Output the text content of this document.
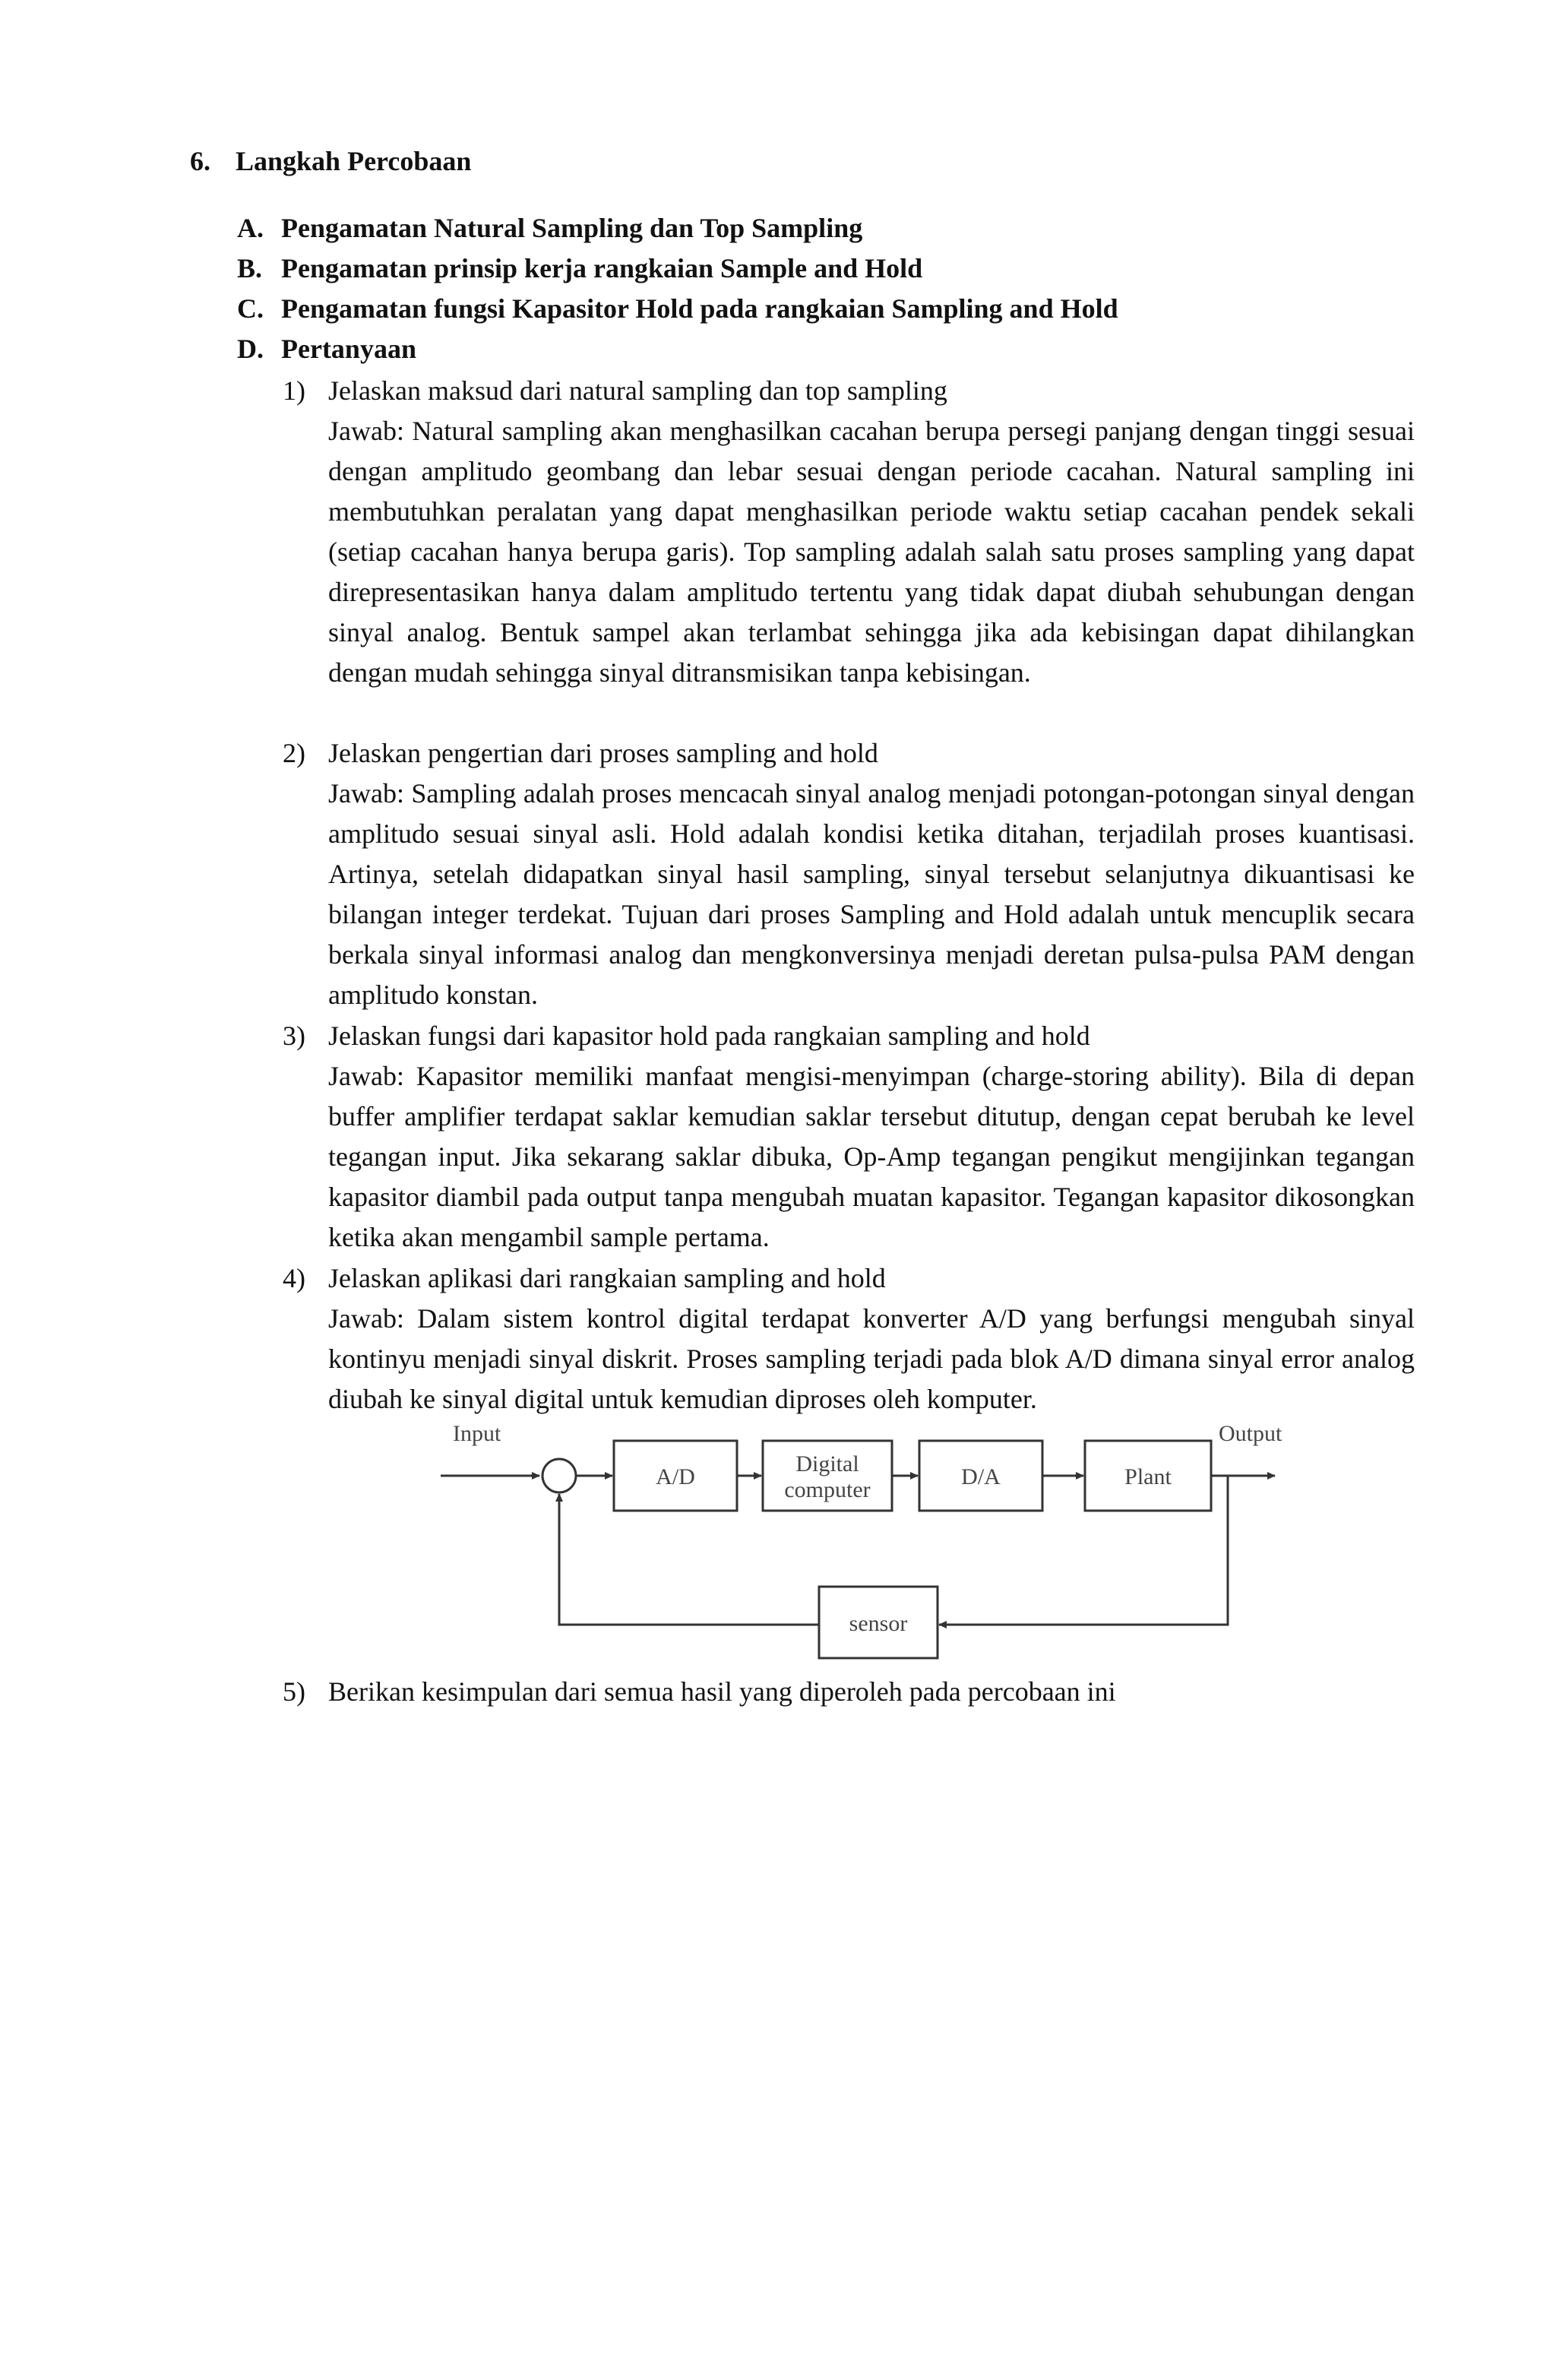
6. Langkah Percobaan
A. Pengamatan Natural Sampling dan Top Sampling
B. Pengamatan prinsip kerja rangkaian Sample and Hold
C. Pengamatan fungsi Kapasitor Hold pada rangkaian Sampling and Hold
D. Pertanyaan
1) Jelaskan maksud dari natural sampling dan top sampling
Jawab: Natural sampling akan menghasilkan cacahan berupa persegi panjang dengan tinggi sesuai dengan amplitudo geombang dan lebar sesuai dengan periode cacahan. Natural sampling ini membutuhkan peralatan yang dapat menghasilkan periode waktu setiap cacahan pendek sekali (setiap cacahan hanya berupa garis). Top sampling adalah salah satu proses sampling yang dapat direpresentasikan hanya dalam amplitudo tertentu yang tidak dapat diubah sehubungan dengan sinyal analog. Bentuk sampel akan terlambat sehingga jika ada kebisingan dapat dihilangkan dengan mudah sehingga sinyal ditransmisikan tanpa kebisingan.
2) Jelaskan pengertian dari proses sampling and hold
Jawab: Sampling adalah proses mencacah sinyal analog menjadi potongan-potongan sinyal dengan amplitudo sesuai sinyal asli. Hold adalah kondisi ketika ditahan, terjadilah proses kuantisasi. Artinya, setelah didapatkan sinyal hasil sampling, sinyal tersebut selanjutnya dikuantisasi ke bilangan integer terdekat. Tujuan dari proses Sampling and Hold adalah untuk mencuplik secara berkala sinyal informasi analog dan mengkonversinya menjadi deretan pulsa-pulsa PAM dengan amplitudo konstan.
3) Jelaskan fungsi dari kapasitor hold pada rangkaian sampling and hold
Jawab: Kapasitor memiliki manfaat mengisi-menyimpan (charge-storing ability). Bila di depan buffer amplifier terdapat saklar kemudian saklar tersebut ditutup, dengan cepat berubah ke level tegangan input. Jika sekarang saklar dibuka, Op-Amp tegangan pengikut mengijinkan tegangan kapasitor diambil pada output tanpa mengubah muatan kapasitor. Tegangan kapasitor dikosongkan ketika akan mengambil sample pertama.
4) Jelaskan aplikasi dari rangkaian sampling and hold
Jawab: Dalam sistem kontrol digital terdapat konverter A/D yang berfungsi mengubah sinyal kontinyu menjadi sinyal diskrit. Proses sampling terjadi pada blok A/D dimana sinyal error analog diubah ke sinyal digital untuk kemudian diproses oleh komputer.
Input	Output
A/D
Digital
computer
D/A	Plant
sensor
5) Berikan kesimpulan dari semua hasil yang diperoleh pada percobaan ini
